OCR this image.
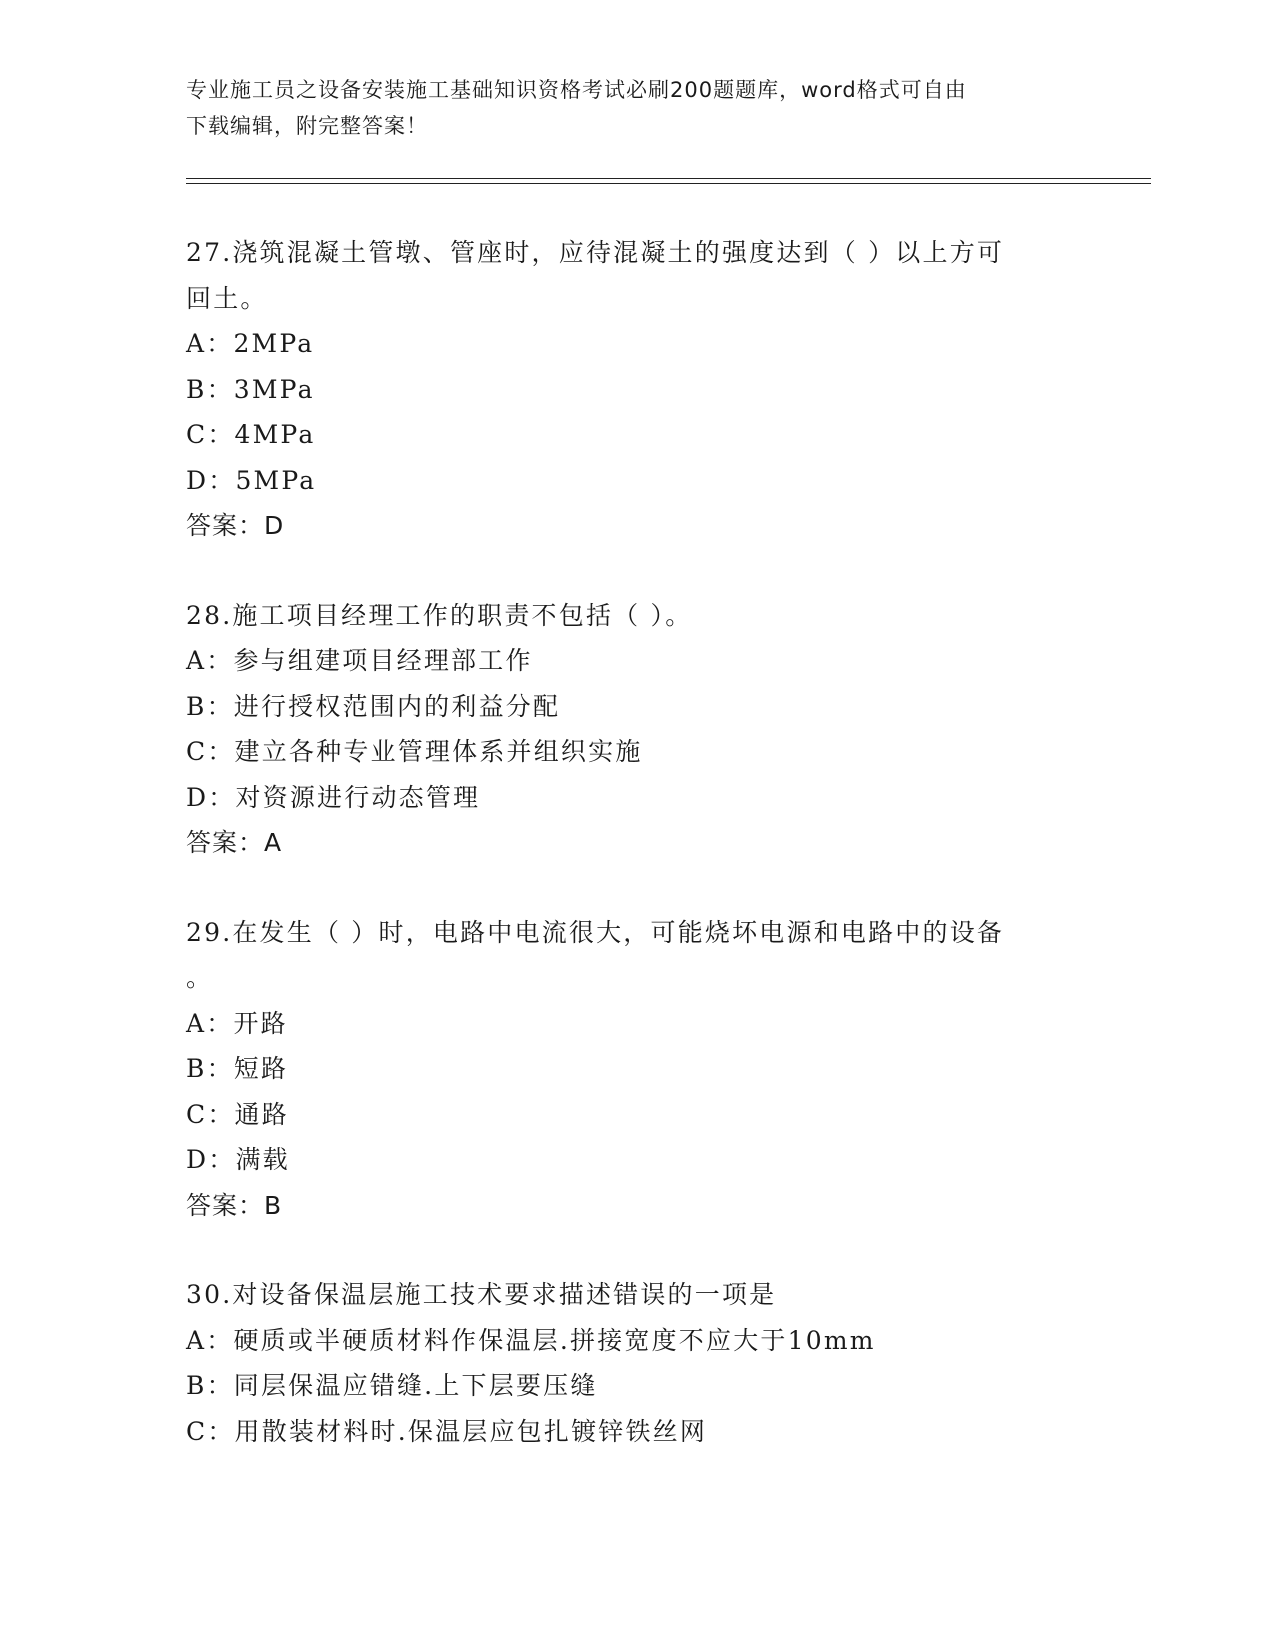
专业施工员之设备安装施工基础知识资格考试必刷200题题库，word格式可自由
下载编辑，附完整答案！
27.浇筑混凝土管墩、管座时，应待混凝土的强度达到（ ）以上方可
回土。
A：2MPa
B：3MPa
C：4MPa
D：5MPa
答案：D
28.施工项目经理工作的职责不包括（ ）。
A：参与组建项目经理部工作
B：进行授权范围内的利益分配
C：建立各种专业管理体系并组织实施
D：对资源进行动态管理
答案：A
29.在发生（ ）时，电路中电流很大，可能烧坏电源和电路中的设备
。
A：开路
B：短路
C：通路
D：满载
答案：B
30.对设备保温层施工技术要求描述错误的一项是
A：硬质或半硬质材料作保温层.拼接宽度不应大于10mm
B：同层保温应错缝.上下层要压缝
C：用散装材料时.保温层应包扎镀锌铁丝网
